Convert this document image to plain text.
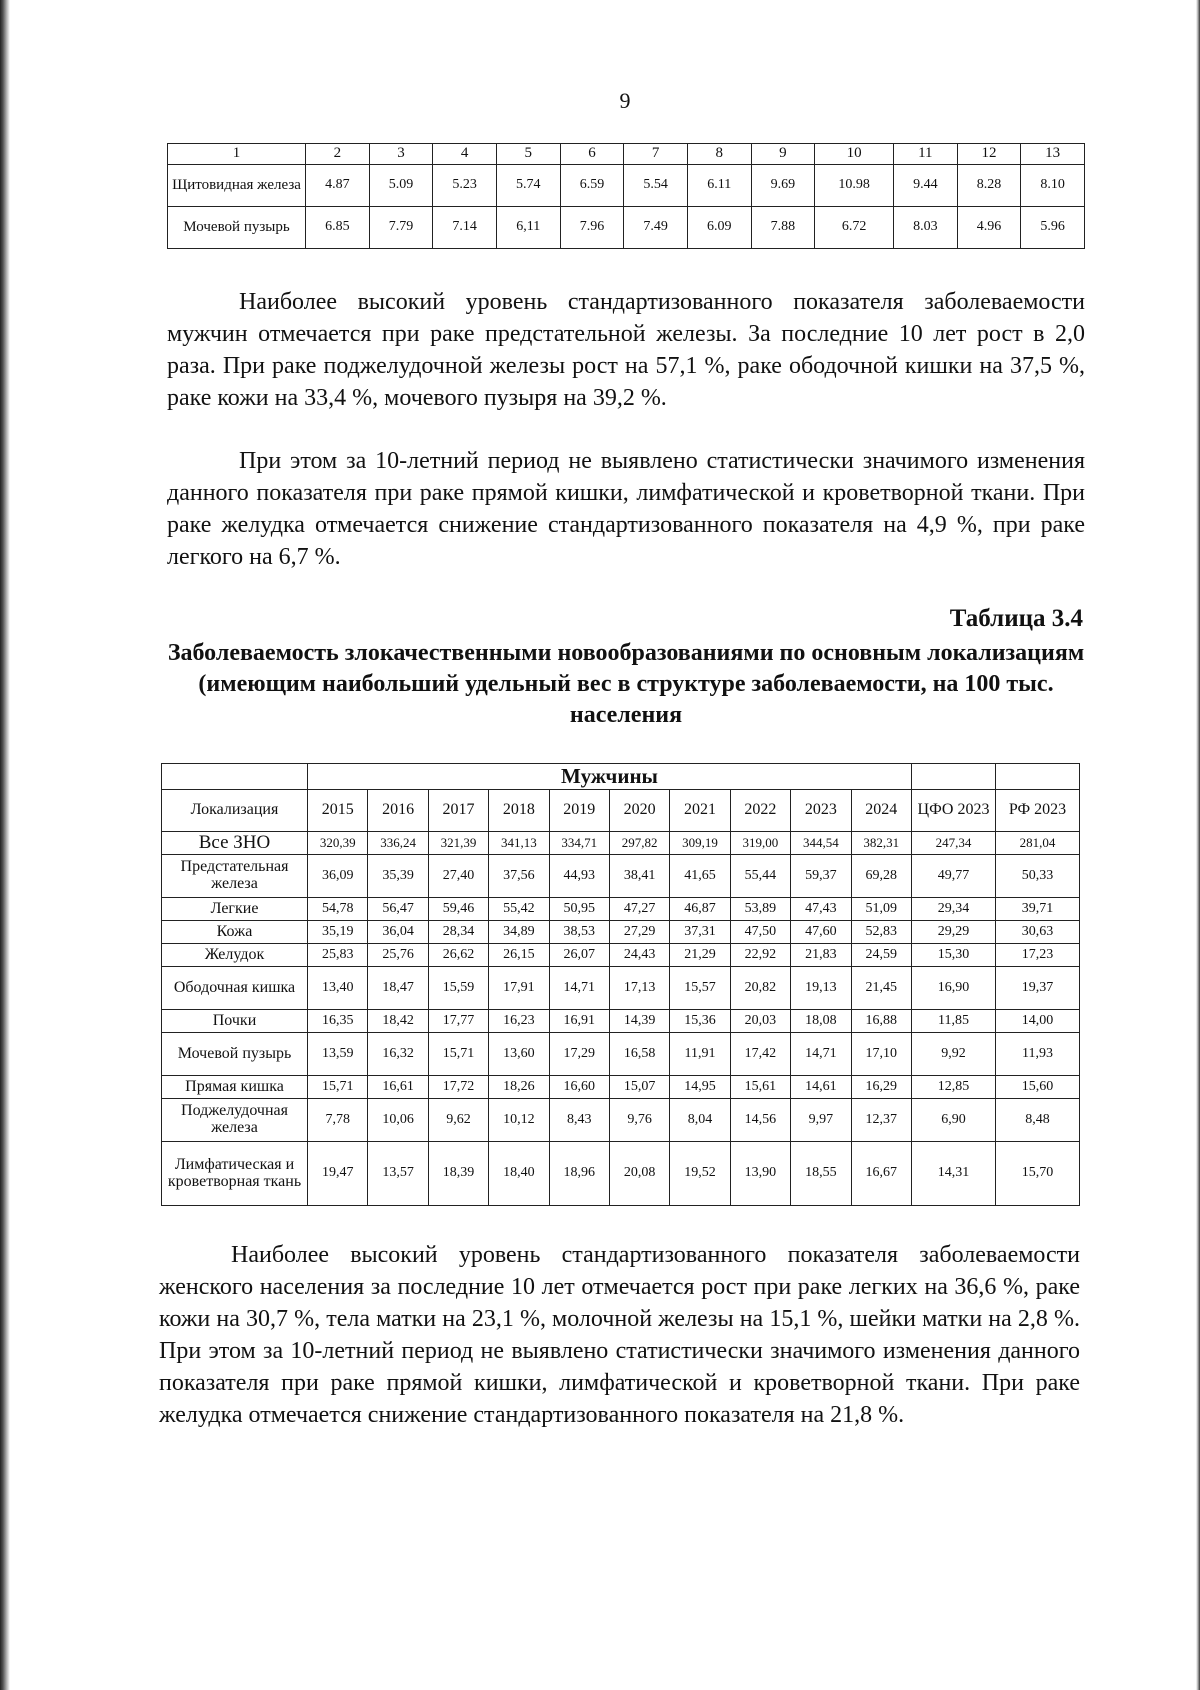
9
1	2	3	4	5	6	7	8	9	10	11	12	13
Щитовидная железа	4.87	5.09	5.23	5.74	6.59	5.54	6.11	9.69	10.98	9.44	8.28	8.10
Мочевой пузырь	6.85	7.79	7.14	6,11	7.96	7.49	6.09	7.88	6.72	8.03	4.96	5.96

Наиболее высокий уровень стандартизованного показателя заболеваемости мужчин отмечается при раке предстательной железы. За последние 10 лет рост в 2,0 раза. При раке поджелудочной железы рост на 57,1 %, раке ободочной кишки на 37,5 %, раке кожи на 33,4 %, мочевого пузыря на 39,2 %.

При этом за 10-летний период не выявлено статистически значимого изменения данного показателя при раке прямой кишки, лимфатической и кроветворной ткани. При раке желудка отмечается снижение стандартизованного показателя на 4,9 %, при раке легкого на 6,7 %.

Таблица 3.4
Заболеваемость злокачественными новообразованиями по основным локализациям (имеющим наибольший удельный вес в структуре заболеваемости, на 100 тыс. населения
	Мужчины											
Локализация	2015	2016	2017	2018	2019	2020	2021	2022	2023	2024	ЦФО 2023	РФ 2023
Все ЗНО	320,39	336,24	321,39	341,13	334,71	297,82	309,19	319,00	344,54	382,31	247,34	281,04
Предстательная железа	36,09	35,39	27,40	37,56	44,93	38,41	41,65	55,44	59,37	69,28	49,77	50,33
Легкие	54,78	56,47	59,46	55,42	50,95	47,27	46,87	53,89	47,43	51,09	29,34	39,71
Кожа	35,19	36,04	28,34	34,89	38,53	27,29	37,31	47,50	47,60	52,83	29,29	30,63
Желудок	25,83	25,76	26,62	26,15	26,07	24,43	21,29	22,92	21,83	24,59	15,30	17,23
Ободочная кишка	13,40	18,47	15,59	17,91	14,71	17,13	15,57	20,82	19,13	21,45	16,90	19,37
Почки	16,35	18,42	17,77	16,23	16,91	14,39	15,36	20,03	18,08	16,88	11,85	14,00
Мочевой пузырь	13,59	16,32	15,71	13,60	17,29	16,58	11,91	17,42	14,71	17,10	9,92	11,93
Прямая кишка	15,71	16,61	17,72	18,26	16,60	15,07	14,95	15,61	14,61	16,29	12,85	15,60
Поджелудочная железа	7,78	10,06	9,62	10,12	8,43	9,76	8,04	14,56	9,97	12,37	6,90	8,48
Лимфатическая и кроветворная ткань	19,47	13,57	18,39	18,40	18,96	20,08	19,52	13,90	18,55	16,67	14,31	15,70

Наиболее высокий уровень стандартизованного показателя заболеваемости женского населения за последние 10 лет отмечается рост при раке легких на 36,6 %, раке кожи на 30,7 %, тела матки на 23,1 %, молочной железы на 15,1 %, шейки матки на 2,8 %. При этом за 10-летний период не выявлено статистически значимого изменения данного показателя при раке прямой кишки, лимфатической и кроветворной ткани. При раке желудка отмечается снижение стандартизованного показателя на 21,8 %.
